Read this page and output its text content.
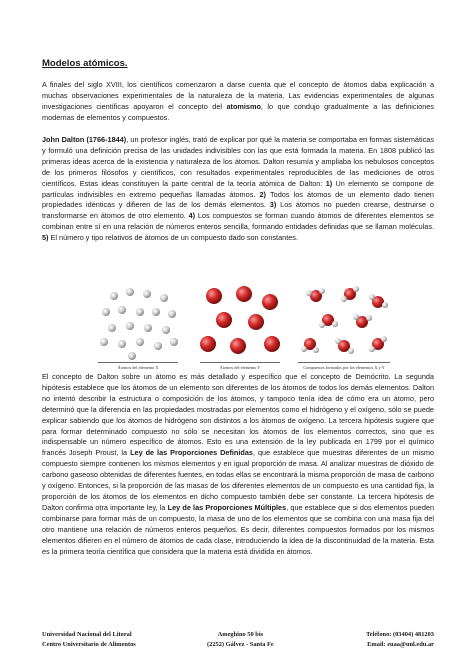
Modelos atómicos.

A finales del siglo XVIII, los científicos comenzaron a darse cuenta que el concepto de átomos daba explicación a muchas observaciones experimentales de la naturaleza de la materia. Las evidencias experimentales de algunas investigaciones científicas apoyaron el concepto del atomismo, lo que condujo gradualmente a las definiciones modernas de elementos y compuestos.

John Dalton (1766-1844), un profesor inglés, trató de explicar por qué la materia se comportaba en formas sistemáticas y formuló una definición precisa de las unidades indivisibles con las que está formada la materia. En 1808 publicó las primeras ideas acerca de la existencia y naturaleza de los átomos. Dalton resumía y ampliaba los nebulosos conceptos de los primeros filósofos y científicos, con resultados experimentales reproducibles de las mediciones de otros científicos. Estas ideas constituyen la parte central de la teoría atómica de Dalton: 1) Un elemento se compone de partículas indivisibles en extremo pequeñas llamadas átomos. 2) Todos los átomos de un elemento dado tienen propiedades idénticas y difieren de las de los demás elementos. 3) Los átomos no pueden crearse, destruirse o transformarse en átomos de otro elemento. 4) Los compuestos se forman cuando átomos de diferentes elementos se combinan entre sí en una relación de números enteros sencilla, formando entidades definidas que se llaman moléculas. 5) El número y tipo relativos de átomos de un compuesto dado son constantes.

Átomos del elemento X	Átomos del elemento Y	Compuestos formados por los elementos X y Y

El concepto de Dalton sobre un átomo es más detallado y específico que el concepto de Demócrito. La segunda hipótesis establece que los átomos de un elemento son diferentes de los átomos de todos los demás elementos. Dalton no intentó describir la estructura o composición de los átomos, y tampoco tenía idea de cómo era un átomo, pero determinó que la diferencia en las propiedades mostradas por elementos como el hidrógeno y el oxígeno, sólo se puede explicar sabiendo que los átomos de hidrógeno son distintos a los átomos de oxígeno. La tercera hipótesis sugiere que para formar determinado compuesto no sólo se necesitan los átomos de los elementos correctos, sino que es indispensable un número específico de átomos. Esto es una extensión de la ley publicada en 1799 por el químico francés Joseph Proust, la Ley de las Proporciones Definidas, que establece que muestras diferentes de un mismo compuesto siempre contienen los mismos elementos y en igual proporción de masa. Al analizar muestras de dióxido de carbono gaseoso obtenidas de diferentes fuentes, en todas ellas se encontrará la misma proporción de masa de carbono y oxígeno. Entonces, si la proporción de las masas de los diferentes elementos de un compuesto es una cantidad fija, la proporción de los átomos de los elementos en dicho compuesto también debe ser constante. La tercera hipótesis de Dalton confirma otra importante ley, la Ley de las Proporciones Múltiples, que establece que si dos elementos pueden combinarse para formar más de un compuesto, la masa de uno de los elementos que se combina con una masa fija del otro mantiene una relación de números enteros pequeños. Es decir, diferentes compuestos formados por los mismos elementos difieren en el número de átomos de cada clase, introduciendo la idea de la discontinuidad de la materia. Esta es la primera teoría científica que considera que la materia está dividida en átomos.

Universidad Nacional del Litoral
Centro Universitario de Alimentos
Ameghino 50 bis
(2252) Gálvez - Santa Fe
Teléfono: (03404) 481203
Email: euaa@unl.edu.ar
